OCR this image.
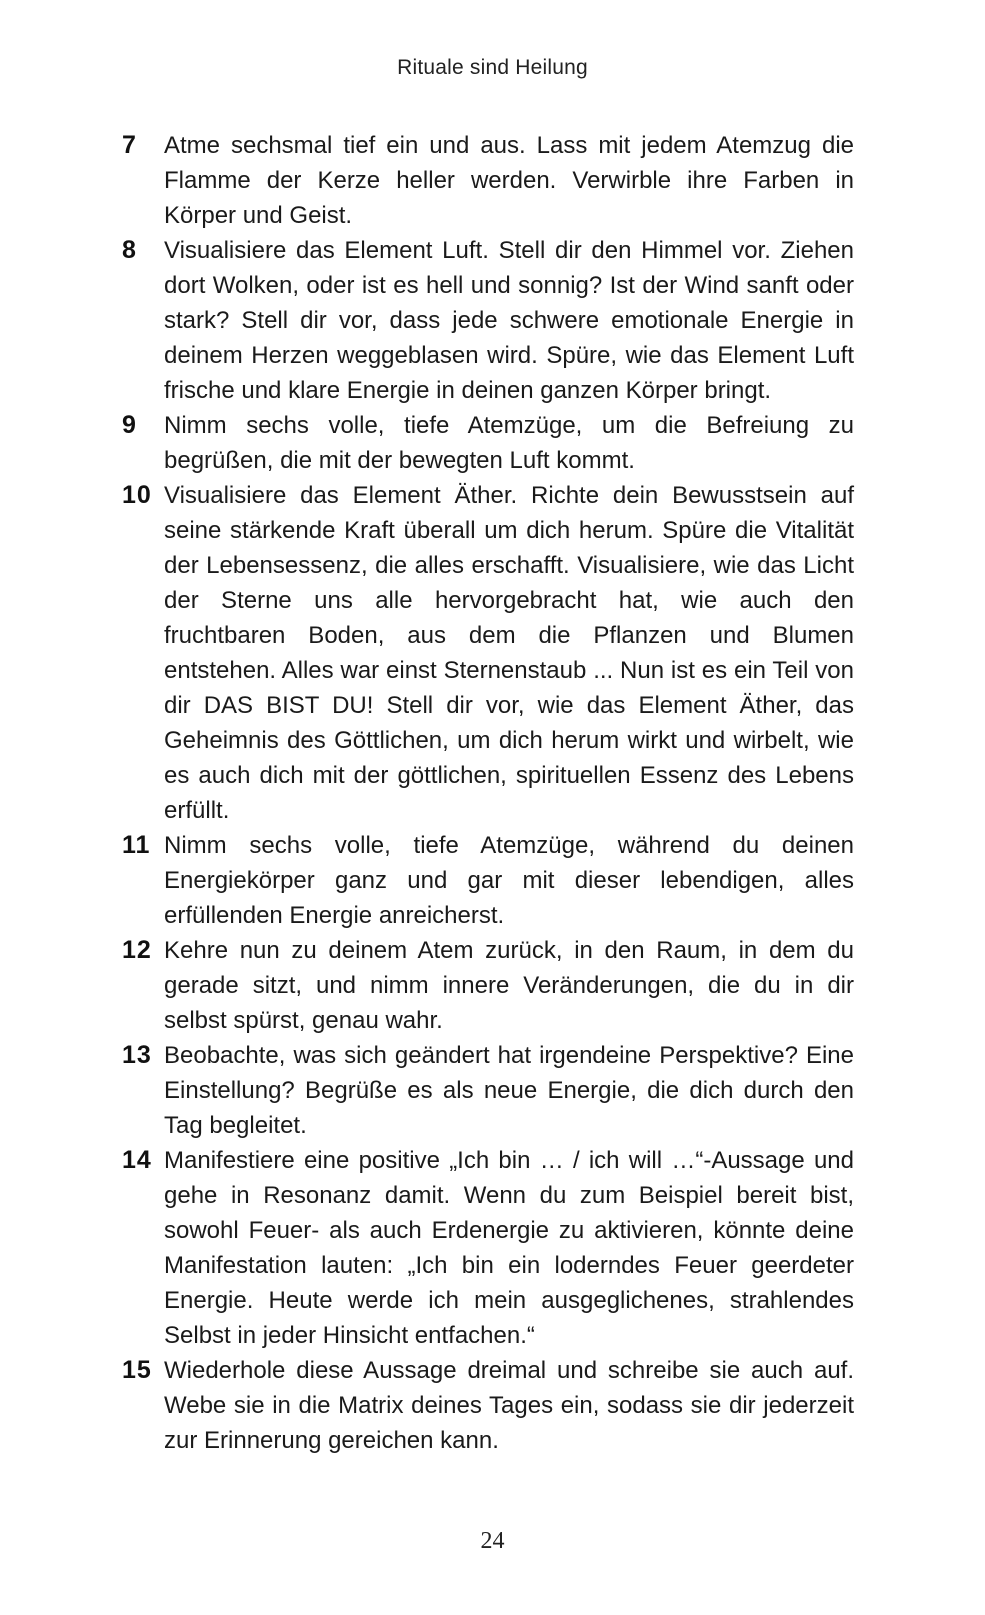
Rituale sind Heilung
7 Atme sechsmal tief ein und aus. Lass mit jedem Atemzug die Flamme der Kerze heller werden. Verwirble ihre Farben in Körper und Geist.

8 Visualisiere das Element Luft. Stell dir den Himmel vor. Ziehen dort Wolken, oder ist es hell und sonnig? Ist der Wind sanft oder stark? Stell dir vor, dass jede schwere emotionale Energie in deinem Herzen weggeblasen wird. Spüre, wie das Element Luft frische und klare Energie in deinen ganzen Körper bringt.

9 Nimm sechs volle, tiefe Atemzüge, um die Befreiung zu begrüßen, die mit der bewegten Luft kommt.

10 Visualisiere das Element Äther. Richte dein Bewusstsein auf seine stärkende Kraft überall um dich herum. Spüre die Vitalität der Lebensessenz, die alles erschafft. Visualisiere, wie das Licht der Sterne uns alle hervorgebracht hat, wie auch den fruchtbaren Boden, aus dem die Pflanzen und Blumen entstehen. Alles war einst Sternenstaub ... Nun ist es ein Teil von dir DAS BIST DU! Stell dir vor, wie das Element Äther, das Geheimnis des Göttlichen, um dich herum wirkt und wirbelt, wie es auch dich mit der göttlichen, spirituellen Essenz des Lebens erfüllt.

11 Nimm sechs volle, tiefe Atemzüge, während du deinen Energiekörper ganz und gar mit dieser lebendigen, alles erfüllenden Energie anreicherst.

12 Kehre nun zu deinem Atem zurück, in den Raum, in dem du gerade sitzt, und nimm innere Veränderungen, die du in dir selbst spürst, genau wahr.

13 Beobachte, was sich geändert hat irgendeine Perspektive? Eine Einstellung? Begrüße es als neue Energie, die dich durch den Tag begleitet.

14 Manifestiere eine positive „Ich bin … / ich will …“-Aussage und gehe in Resonanz damit. Wenn du zum Beispiel bereit bist, sowohl Feuer- als auch Erdenergie zu aktivieren, könnte deine Manifestation lauten: „Ich bin ein loderndes Feuer geerdeter Energie. Heute werde ich mein ausgeglichenes, strahlendes Selbst in jeder Hinsicht entfachen.“

15 Wiederhole diese Aussage dreimal und schreibe sie auch auf. Webe sie in die Matrix deines Tages ein, sodass sie dir jederzeit zur Erinnerung gereichen kann.

24
